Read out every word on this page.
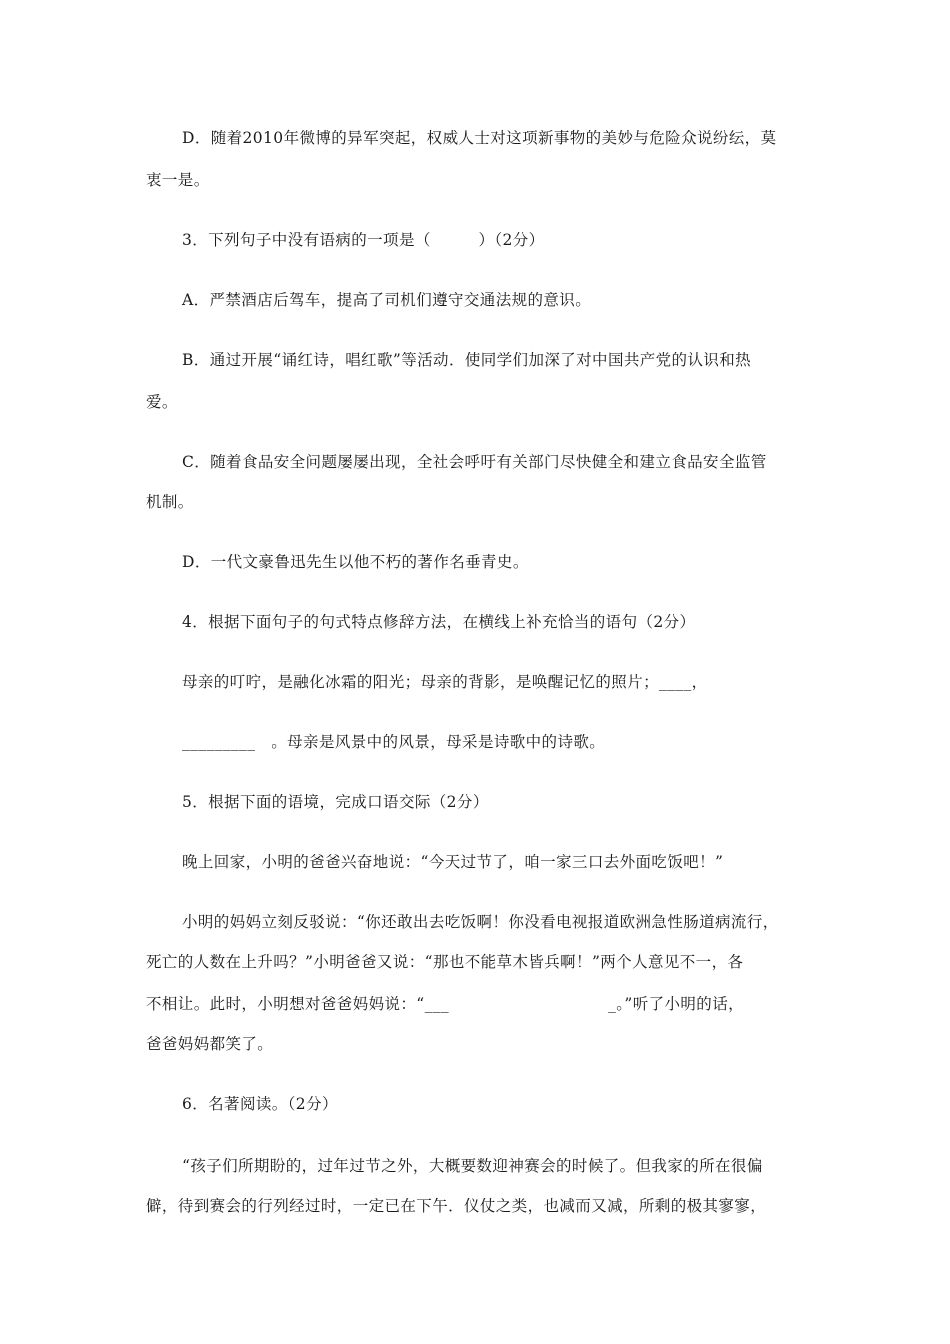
D．随着2010年微博的异军突起，权威人士对这项新事物的美妙与危险众说纷纭，莫
衷一是。
3．下列句子中没有语病的一项是（　　　）（2分）
A．严禁酒店后驾车，提高了司机们遵守交通法规的意识。
B．通过开展“诵红诗，唱红歌”等活动．使同学们加深了对中国共产党的认识和热
爱。
C．随着食品安全问题屡屡出现，全社会呼吁有关部门尽快健全和建立食品安全监管
机制。
D．一代文豪鲁迅先生以他不朽的著作名垂青史。
4．根据下面句子的句式特点修辞方法，在横线上补充恰当的语句（2分）
母亲的叮咛，是融化冰霜的阳光；母亲的背影，是唤醒记忆的照片；____，
_________　。母亲是风景中的风景，母采是诗歌中的诗歌。
5．根据下面的语境，完成口语交际（2分）
晚上回家，小明的爸爸兴奋地说：“今天过节了，咱一家三口去外面吃饭吧！”
小明的妈妈立刻反驳说：“你还敢出去吃饭啊！你没看电视报道欧洲急性肠道病流行，
死亡的人数在上升吗？”小明爸爸又说：“那也不能草木皆兵啊！”两个人意见不一，各
不相让。此时，小明想对爸爸妈妈说：“___　　　　　　　　　　_。”听了小明的话，
爸爸妈妈都笑了。
6．名著阅读。（2分）
“孩子们所期盼的，过年过节之外，大概要数迎神赛会的时候了。但我家的所在很偏
僻，待到赛会的行列经过时，一定已在下午．仪仗之类，也减而又减，所剩的极其寥寥，
